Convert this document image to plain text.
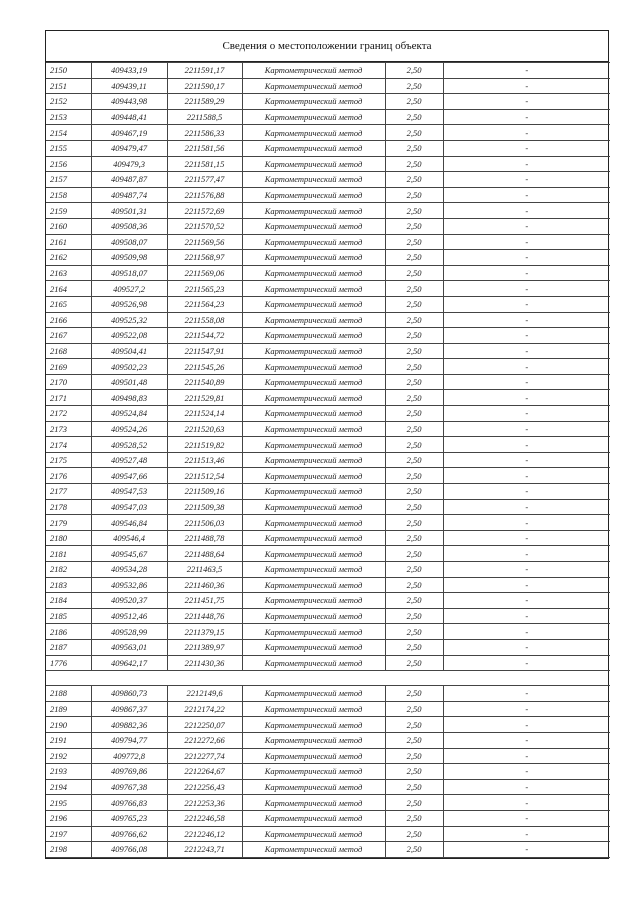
Сведения о местоположении границ объекта
2150	409433,19	2211591,17	Картометрический метод	2,50	-
2151	409439,11	2211590,17	Картометрический метод	2,50	-
2152	409443,98	2211589,29	Картометрический метод	2,50	-
2153	409448,41	2211588,5	Картометрический метод	2,50	-
2154	409467,19	2211586,33	Картометрический метод	2,50	-
2155	409479,47	2211581,56	Картометрический метод	2,50	-
2156	409479,3	2211581,15	Картометрический метод	2,50	-
2157	409487,87	2211577,47	Картометрический метод	2,50	-
2158	409487,74	2211576,88	Картометрический метод	2,50	-
2159	409501,31	2211572,69	Картометрический метод	2,50	-
2160	409508,36	2211570,52	Картометрический метод	2,50	-
2161	409508,07	2211569,56	Картометрический метод	2,50	-
2162	409509,98	2211568,97	Картометрический метод	2,50	-
2163	409518,07	2211569,06	Картометрический метод	2,50	-
2164	409527,2	2211565,23	Картометрический метод	2,50	-
2165	409526,98	2211564,23	Картометрический метод	2,50	-
2166	409525,32	2211558,08	Картометрический метод	2,50	-
2167	409522,08	2211544,72	Картометрический метод	2,50	-
2168	409504,41	2211547,91	Картометрический метод	2,50	-
2169	409502,23	2211545,26	Картометрический метод	2,50	-
2170	409501,48	2211540,89	Картометрический метод	2,50	-
2171	409498,83	2211529,81	Картометрический метод	2,50	-
2172	409524,84	2211524,14	Картометрический метод	2,50	-
2173	409524,26	2211520,63	Картометрический метод	2,50	-
2174	409528,52	2211519,82	Картометрический метод	2,50	-
2175	409527,48	2211513,46	Картометрический метод	2,50	-
2176	409547,66	2211512,54	Картометрический метод	2,50	-
2177	409547,53	2211509,16	Картометрический метод	2,50	-
2178	409547,03	2211509,38	Картометрический метод	2,50	-
2179	409546,84	2211506,03	Картометрический метод	2,50	-
2180	409546,4	2211488,78	Картометрический метод	2,50	-
2181	409545,67	2211488,64	Картометрический метод	2,50	-
2182	409534,28	2211463,5	Картометрический метод	2,50	-
2183	409532,86	2211460,36	Картометрический метод	2,50	-
2184	409520,37	2211451,75	Картометрический метод	2,50	-
2185	409512,46	2211448,76	Картометрический метод	2,50	-
2186	409528,99	2211379,15	Картометрический метод	2,50	-
2187	409563,01	2211389,97	Картометрический метод	2,50	-
1776	409642,17	2211430,36	Картометрический метод	2,50	-

2188	409860,73	2212149,6	Картометрический метод	2,50	-
2189	409867,37	2212174,22	Картометрический метод	2,50	-
2190	409882,36	2212250,07	Картометрический метод	2,50	-
2191	409794,77	2212272,66	Картометрический метод	2,50	-
2192	409772,8	2212277,74	Картометрический метод	2,50	-
2193	409769,86	2212264,67	Картометрический метод	2,50	-
2194	409767,38	2212256,43	Картометрический метод	2,50	-
2195	409766,83	2212253,36	Картометрический метод	2,50	-
2196	409765,23	2212246,58	Картометрический метод	2,50	-
2197	409766,62	2212246,12	Картометрический метод	2,50	-
2198	409766,08	2212243,71	Картометрический метод	2,50	-
